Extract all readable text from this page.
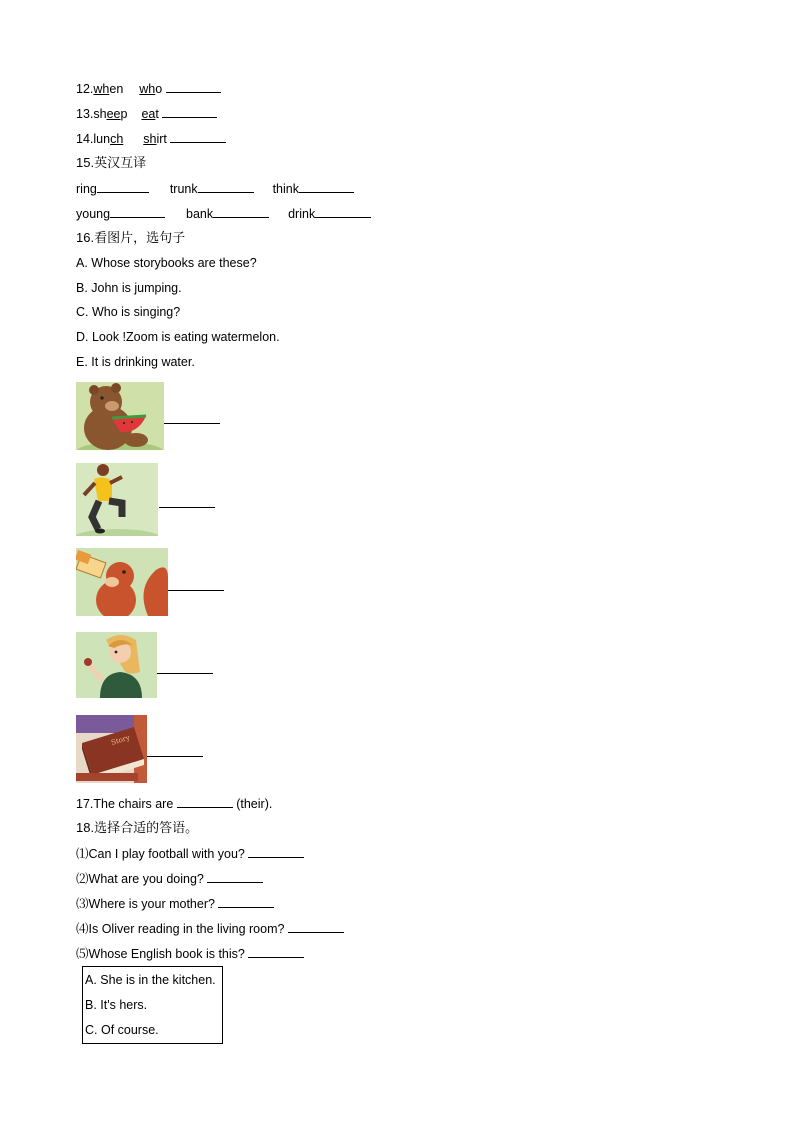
12.when who
13.sheep eat
14.lunch shirt
15.英汉互译
ring	trunk	think
young	bank	drink
16.看图片，选句子
A. Whose storybooks are these?
B. John is jumping.
C. Who is singing?
D. Look !Zoom is eating watermelon.
E. It is drinking water.
Story
17.The chairs are	(their).
18.选择合适的答语。
⑴Can I play football with you?
⑵What are you doing?
⑶Where is your mother?
⑷Is Oliver reading in the living room?
⑸Whose English book is this?
A. She is in the kitchen.
B. It's hers.
C. Of course.
